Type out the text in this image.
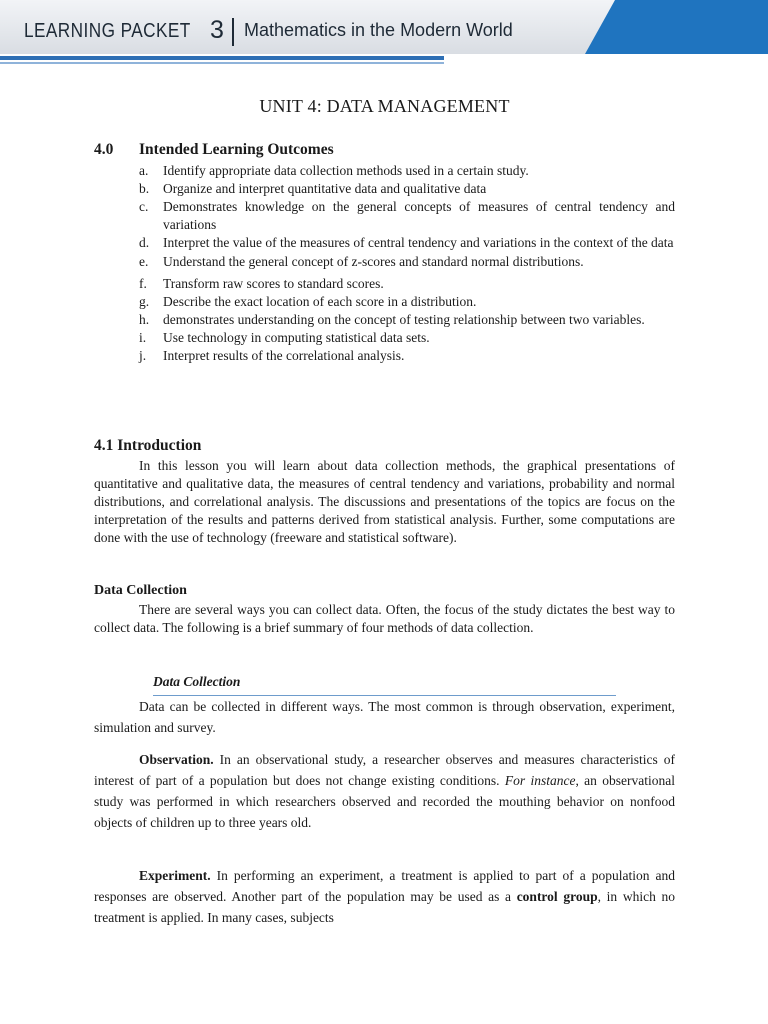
LEARNING PACKET 3 Mathematics in the Modern World
UNIT 4: DATA MANAGEMENT
4.0 Intended Learning Outcomes
a. Identify appropriate data collection methods used in a certain study.
b. Organize and interpret quantitative data and qualitative data
c. Demonstrates knowledge on the general concepts of measures of central tendency and variations
d. Interpret the value of the measures of central tendency and variations in the context of the data
e. Understand the general concept of z-scores and standard normal distributions.
f. Transform raw scores to standard scores.
g. Describe the exact location of each score in a distribution.
h. demonstrates understanding on the concept of testing relationship between two variables.
i. Use technology in computing statistical data sets.
j. Interpret results of the correlational analysis.
4.1 Introduction

In this lesson you will learn about data collection methods, the graphical presentations of quantitative and qualitative data, the measures of central tendency and variations, probability and normal distributions, and correlational analysis. The discussions and presentations of the topics are focus on the interpretation of the results and patterns derived from statistical analysis. Further, some computations are done with the use of technology (freeware and statistical software).

Data Collection

There are several ways you can collect data. Often, the focus of the study dictates the best way to collect data. The following is a brief summary of four methods of data collection.

Data Collection

Data can be collected in different ways. The most common is through observation, experiment, simulation and survey.

Observation. In an observational study, a researcher observes and measures characteristics of interest of part of a population but does not change existing conditions. For instance, an observational study was performed in which researchers observed and recorded the mouthing behavior on nonfood objects of children up to three years old.

Experiment. In performing an experiment, a treatment is applied to part of a population and responses are observed. Another part of the population may be used as a control group, in which no treatment is applied. In many cases, subjects
